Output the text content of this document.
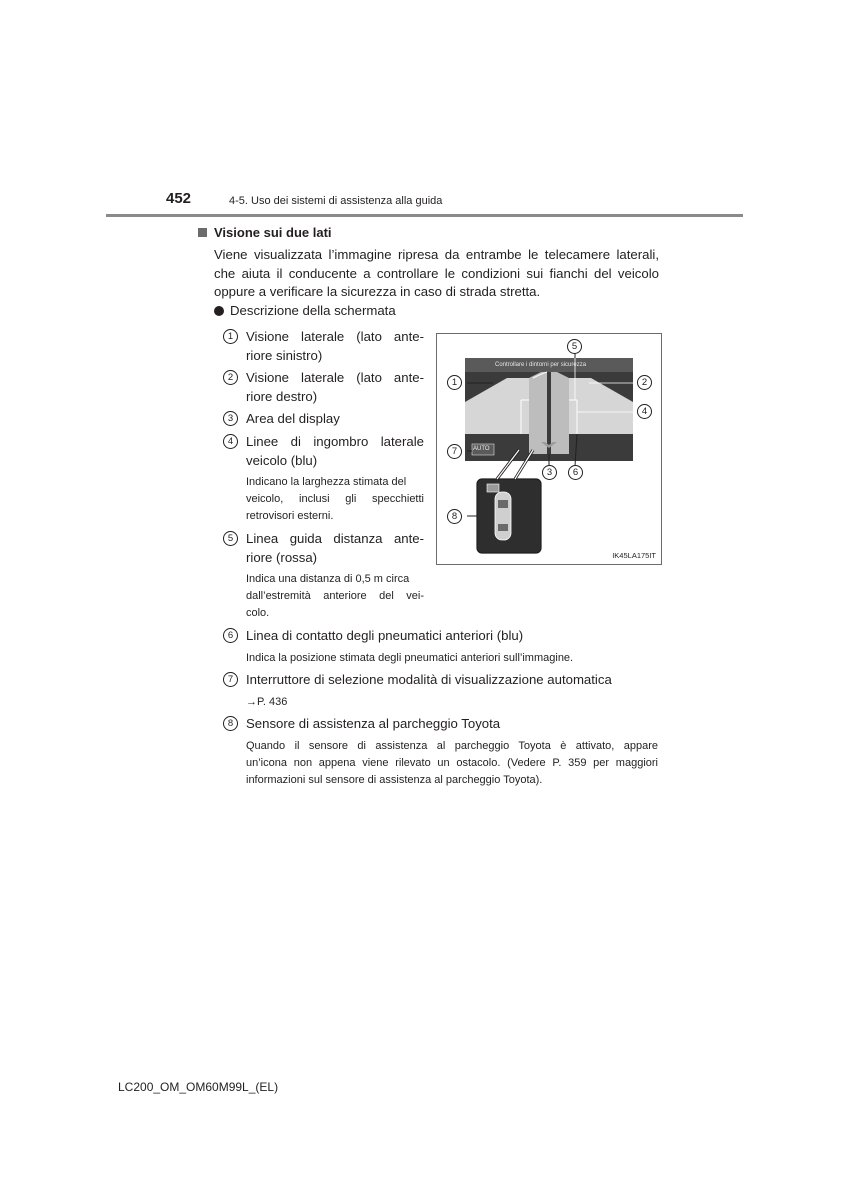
452	4-5. Uso dei sistemi di assistenza alla guida
Visione sui due lati
Viene visualizzata l’immagine ripresa da entrambe le telecamere laterali, che aiuta il conducente a controllare le condizioni sui fianchi del veicolo oppure a verificare la sicurezza in caso di strada stretta.
Descrizione della schermata
1 Visione laterale (lato ante-
riore sinistro)
2 Visione laterale (lato ante-
riore destro)
3 Area del display
4 Linee di ingombro laterale
veicolo (blu)
Indicano la larghezza stimata del
veicolo, inclusi gli specchietti
retrovisori esterni.
5 Linea guida distanza ante-
riore (rossa)
Indica una distanza di 0,5 m circa
dall’estremità anteriore del vei-
colo.
6 Linea di contatto degli pneumatici anteriori (blu)
Indica la posizione stimata degli pneumatici anteriori sull’immagine.
7 Interruttore di selezione modalità di visualizzazione automatica
→P. 436
8 Sensore di assistenza al parcheggio Toyota
Quando il sensore di assistenza al parcheggio Toyota è attivato, appare
un’icona non appena viene rilevato un ostacolo. (Vedere P. 359 per maggiori
informazioni sul sensore di assistenza al parcheggio Toyota).
Controllare i dintorni per sicurezza
AUTO
5
1	2
4
7
3	6
8
IK45LA175IT
LC200_OM_OM60M99L_(EL)
